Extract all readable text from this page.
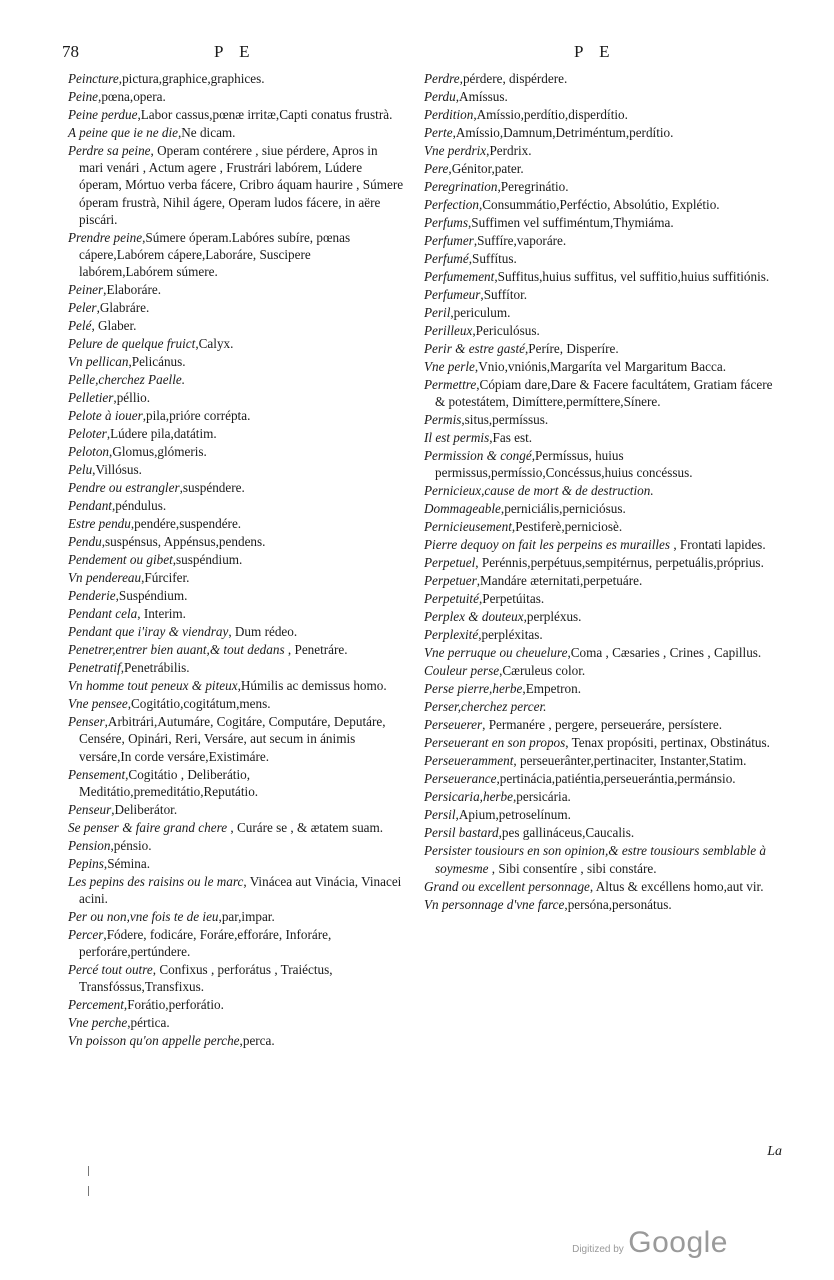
78	P E	P E
Peincture,pictura,graphice,graphices.
Peine,pœna,opera.
Peine perdue,Labor cassus,pœnæ irritæ,Capti conatus frustrà.
A peine que ie ne die,Ne dicam.
Perdre sa peine, Operam contérere , siue pérdere, Apros in mari venári , Actum agere , Frustrári labórem, Lúdere óperam, Mórtuo verba fácere, Cribro áquam haurire , Súmere óperam frustrà, Nihil ágere, Operam ludos fácere, in aëre piscári.
Prendre peine,Súmere óperam.Labóres subíre, pœnas cápere,Labórem cápere,Laboráre, Suscipere labórem,Labórem súmere.
Peiner,Elaboráre.
Peler,Glabráre.
Pelé, Glaber.
Pelure de quelque fruict,Calyx.
Vn pellican,Pelicánus.
Pelle,cherchez Paelle.
Pelletier,péllio.
Pelote à iouer,pila,prióre corrépta.
Peloter,Lúdere pila,datátim.
Peloton,Glomus,glómeris.
Pelu,Villósus.
Pendre ou estrangler,suspéndere.
Pendant,péndulus.
Estre pendu,pendére,suspendére.
Pendu,suspénsus, Appénsus,pendens.
Pendement ou gibet,suspéndium.
Vn pendereau,Fúrcifer.
Penderie,Suspéndium.
Pendant cela, Interim.
Pendant que i'iray & viendray, Dum rédeo.
Penetrer,entrer bien auant,& tout dedans , Penetráre.
Penetratif,Penetrábilis.
Vn homme tout peneux & piteux,Húmilis ac demissus homo.
Vne pensee,Cogitátio,cogitátum,mens.
Penser,Arbitrári,Autumáre, Cogitáre, Computáre, Deputáre, Censére, Opinári, Reri, Versáre, aut secum in ánimis versáre,In corde versáre,Existimáre.
Pensement,Cogitátio , Deliberátio, Meditátio,premeditátio,Reputátio.
Penseur,Deliberátor.
Se penser & faire grand chere , Curáre se , & ætatem suam.
Pension,pénsio.
Pepins,Sémina.
Les pepins des raisins ou le marc, Vinácea aut Vinácia, Vinacei acini.
Per ou non,vne fois te de ieu,par,impar.
Percer,Fódere, fodicáre, Foráre,efforáre, Inforáre, perforáre,pertúndere.
Percé tout outre, Confixus , perforátus , Traiéctus, Transfóssus,Transfixus.
Percement,Forátio,perforátio.
Vne perche,pértica.
Vn poisson qu'on appelle perche,perca.
Perdre,pérdere, dispérdere.
Perdu,Amíssus.
Perdition,Amíssio,perdítio,disperdítio.
Perte,Amíssio,Damnum,Detriméntum,perdítio.
Vne perdrix,Perdrix.
Pere,Génitor,pater.
Peregrination,Peregrinátio.
Perfection,Consummátio,Perféctio, Absolútio, Explétio.
Perfums,Suffimen vel suffiméntum,Thymiáma.
Perfumer,Suffíre,vaporáre.
Perfumé,Suffítus.
Perfumement,Suffitus,huius suffitus, vel suffitio,huius suffitiónis.
Perfumeur,Suffítor.
Peril,periculum.
Perilleux,Periculósus.
Perir & estre gasté,Períre, Disperíre.
Vne perle,Vnio,vniónis,Margaríta vel Margaritum Bacca.
Permettre,Cópiam dare,Dare & Facere facultátem, Gratiam fácere & potestátem, Dimíttere,permíttere,Sínere.
Permis,situs,permíssus.
Il est permis,Fas est.
Permission & congé,Permíssus, huius permissus,permíssio,Concéssus,huius concéssus.
Pernicieux,cause de mort & de destruction.
Dommageable,perniciális,perniciósus.
Pernicieusement,Pestiferè,perniciosè.
Pierre dequoy on fait les perpeins es murailles , Frontati lapides.
Perpetuel, Perénnis,perpétuus,sempitérnus, perpetuális,próprius.
Perpetuer,Mandáre æternitati,perpetuáre.
Perpetuité,Perpetúitas.
Perplex & douteux,perpléxus.
Perplexité,perpléxitas.
Vne perruque ou cheuelure,Coma , Cæsaries , Crines , Capillus.
Couleur perse,Cæruleus color.
Perse pierre,herbe,Empetron.
Perser,cherchez percer.
Perseuerer, Permanére , pergere, perseueráre, persístere.
Perseuerant en son propos, Tenax propósiti, pertinax, Obstinátus.
Perseueramment, perseuerânter,pertinaciter, Instanter,Statim.
Perseuerance,pertinácia,patiéntia,perseuerántia,permánsio.
Persicaria,herbe,persicária.
Persil,Apium,petroselínum.
Persil bastard,pes gallináceus,Caucalis.
Persister tousiours en son opinion,& estre tousiours semblable à soymesme , Sibi consentíre , sibi constáre.
Grand ou excellent personnage, Altus & excéllens homo,aut vir.
Vn personnage d'vne farce,persóna,personátus.
La
Digitized by Google
